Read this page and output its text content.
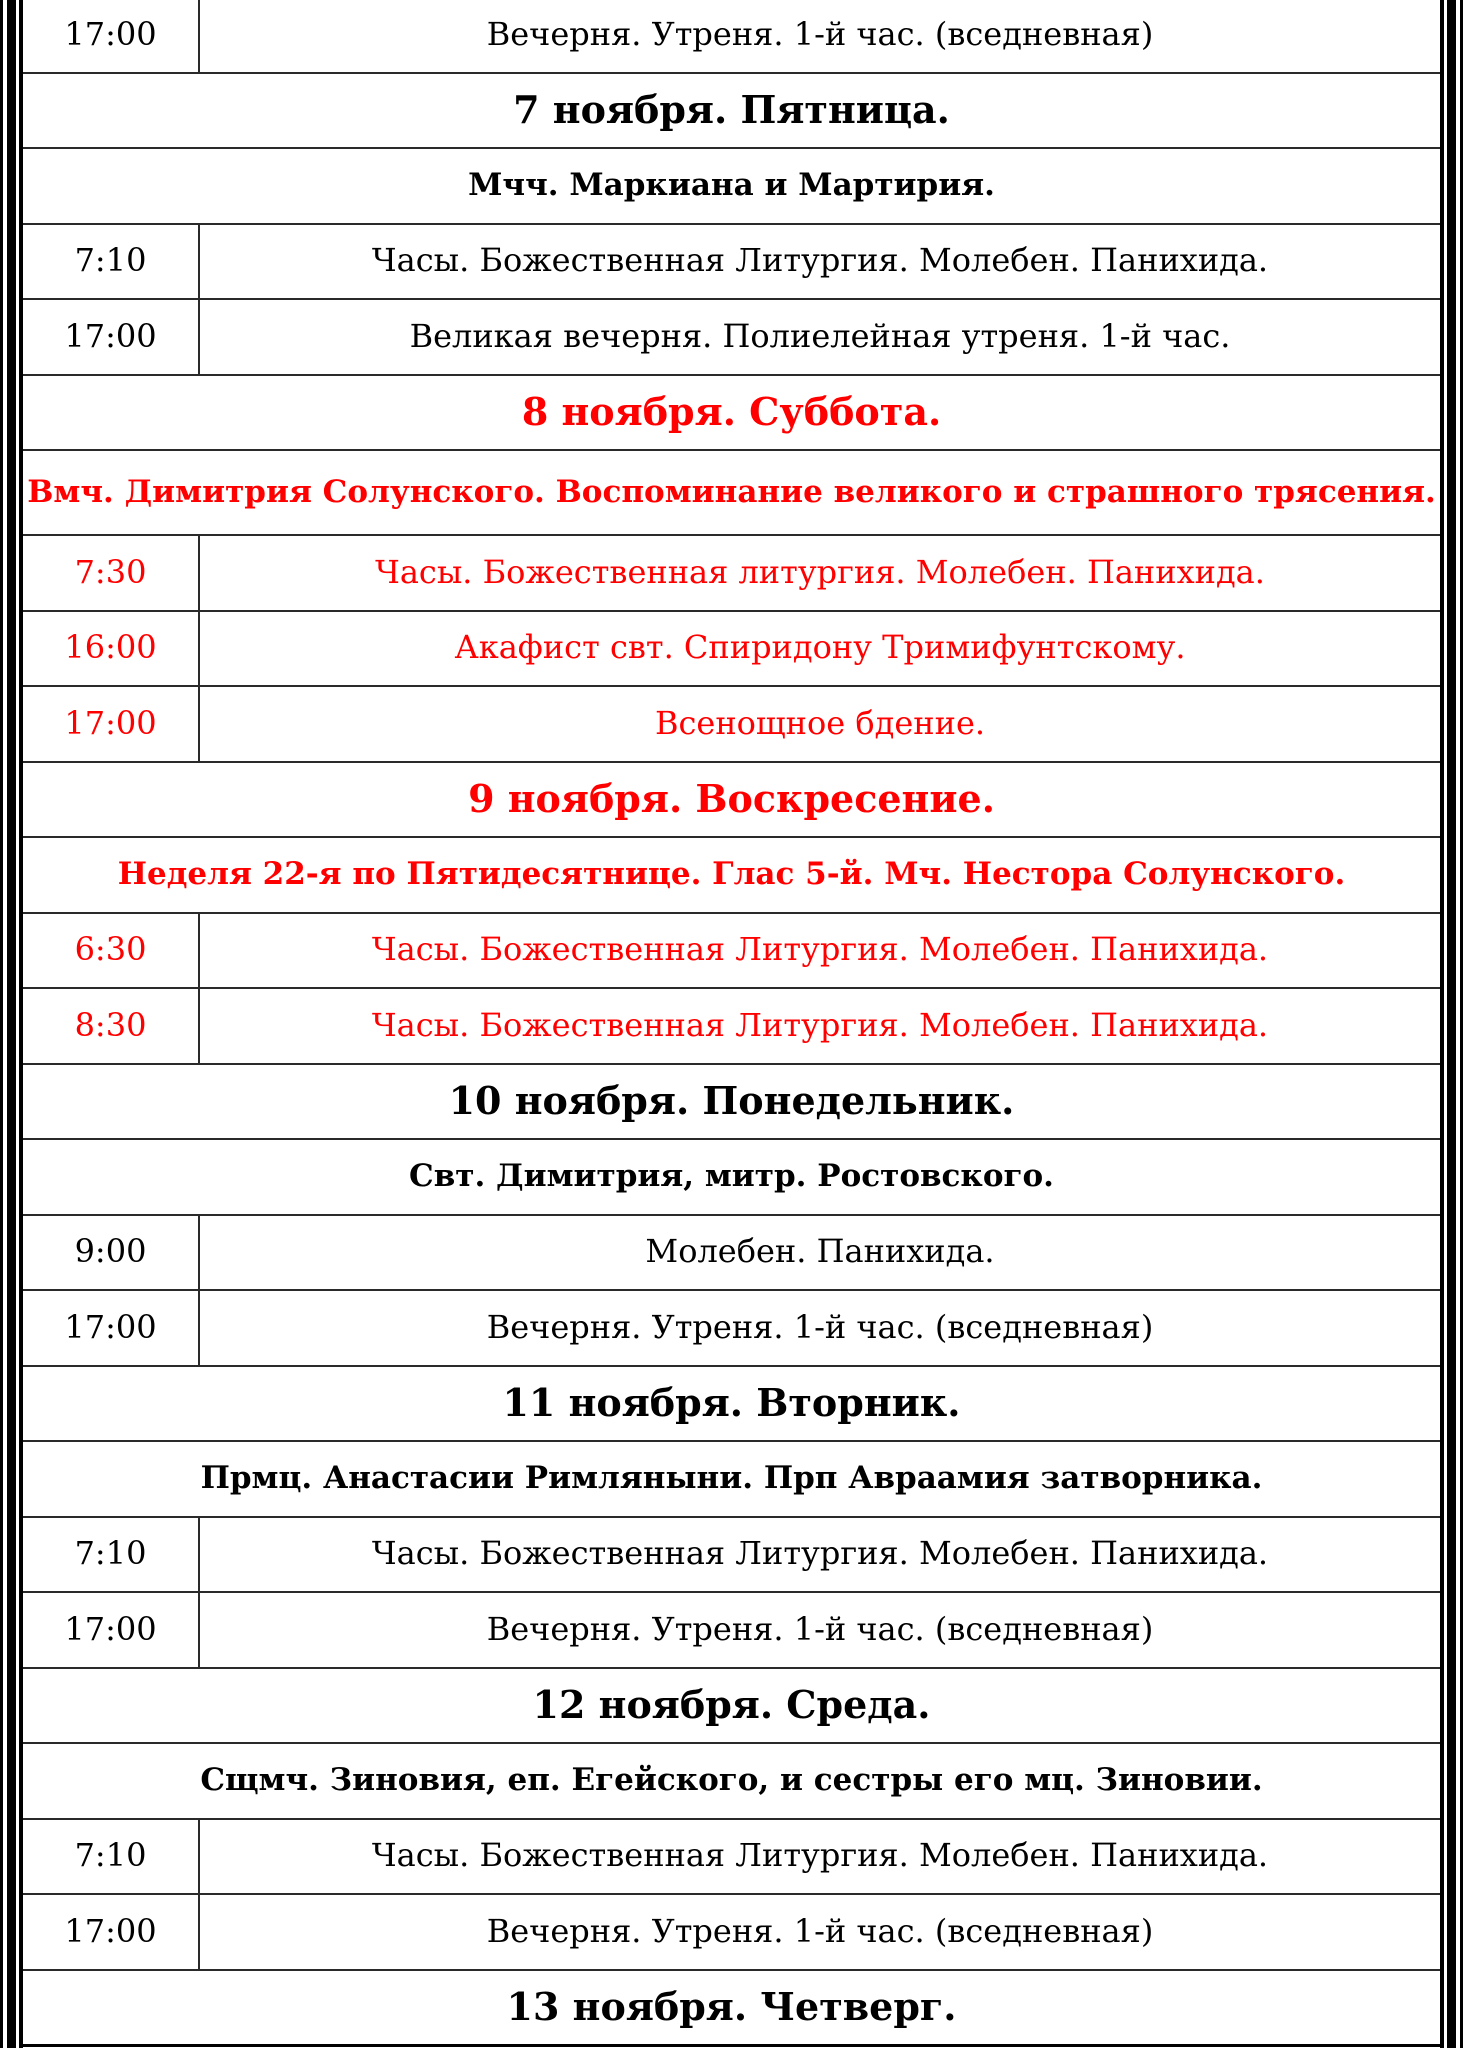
17:00	Вечерня. Утреня. 1-й час. (вседневная)
7 ноября. Пятница.	
Мчч. Маркиана и Мартирия.	
7:10	Часы. Божественная Литургия. Молебен. Панихида.
17:00	Великая вечерня. Полиелейная утреня. 1-й час.
8 ноября. Суббота.	
Вмч. Димитрия Солунского. Воспоминание великого и страшного трясения.	
7:30	Часы. Божественная литургия. Молебен. Панихида.
16:00	Акафист свт. Спиридону Тримифунтскому.
17:00	Всенощное бдение.
9 ноября. Воскресение.	
Неделя 22-я по Пятидесятнице. Глас 5-й. Мч. Нестора Солунского.	
6:30	Часы. Божественная Литургия. Молебен. Панихида.
8:30	Часы. Божественная Литургия. Молебен. Панихида.
10 ноября. Понедельник.	
Свт. Димитрия, митр. Ростовского.	
9:00	Молебен. Панихида.
17:00	Вечерня. Утреня. 1-й час. (вседневная)
11 ноября. Вторник.	
Прмц. Анастасии Римляныни. Прп Авраамия затворника.	
7:10	Часы. Божественная Литургия. Молебен. Панихида.
17:00	Вечерня. Утреня. 1-й час. (вседневная)
12 ноября. Среда.	
Сщмч. Зиновия, еп. Егейского, и сестры его мц. Зиновии.	
7:10	Часы. Божественная Литургия. Молебен. Панихида.
17:00	Вечерня. Утреня. 1-й час. (вседневная)
13 ноября. Четверг.	
